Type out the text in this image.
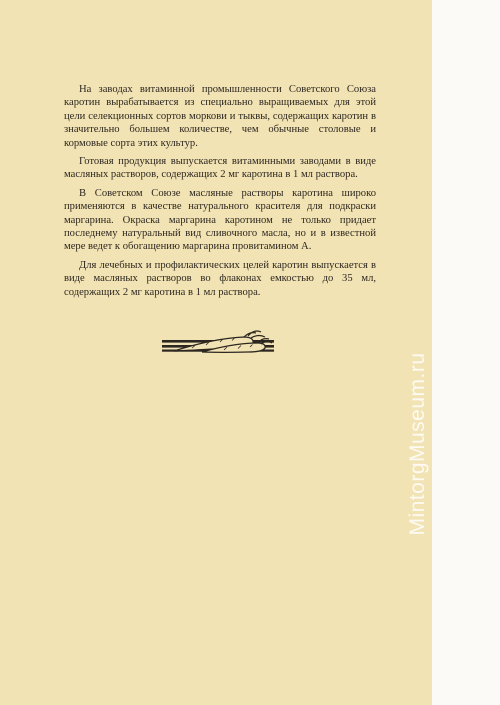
На заводах витаминной промышленности Советского Союза каротин вырабатывается из специально выращиваемых для этой цели селекционных сортов моркови и тыквы, содержащих каротин в значительно большем количестве, чем обычные столовые и кормовые сорта этих культур.

Готовая продукция выпускается витаминными заводами в виде масляных растворов, содержащих 2 мг каротина в 1 мл раствора.

В Советском Союзе масляные растворы каротина широко применяются в качестве натурального красителя для подкраски маргарина. Окраска маргарина каротином не только придает последнему натуральный вид сливочного масла, но и в известной мере ведет к обогащению маргарина провитамином А.

Для лечебных и профилактических целей каротин выпускается в виде масляных растворов во флаконах емкостью до 35 мл, содержащих 2 мг каротина в 1 мл раствора.

MintorgMuseum.ru
